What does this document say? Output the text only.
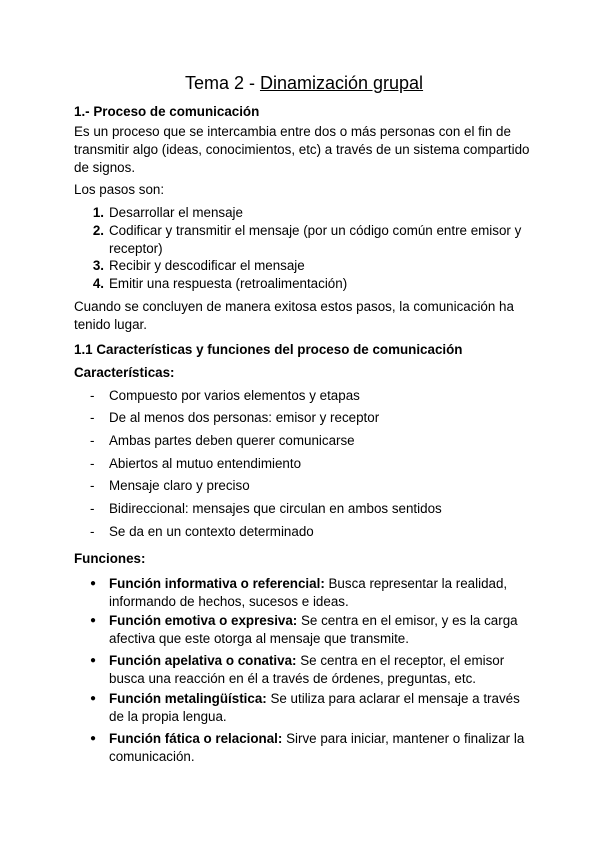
Tema 2 - Dinamización grupal
1.- Proceso de comunicación
Es un proceso que se intercambia entre dos o más personas con el fin de transmitir algo (ideas, conocimientos, etc) a través de un sistema compartido de signos.
Los pasos son:
1. Desarrollar el mensaje
2. Codificar y transmitir el mensaje (por un código común entre emisor y receptor)
3. Recibir y descodificar el mensaje
4. Emitir una respuesta (retroalimentación)
Cuando se concluyen de manera exitosa estos pasos, la comunicación ha tenido lugar.
1.1 Características y funciones del proceso de comunicación
Características:
-	Compuesto por varios elementos y etapas
-	De al menos dos personas: emisor y receptor
-	Ambas partes deben querer comunicarse
-	Abiertos al mutuo entendimiento
-	Mensaje claro y preciso
-	Bidireccional: mensajes que circulan en ambos sentidos
-	Se da en un contexto determinado
Funciones:
● Función informativa o referencial: Busca representar la realidad, informando de hechos, sucesos e ideas.
● Función emotiva o expresiva: Se centra en el emisor, y es la carga afectiva que este otorga al mensaje que transmite.
● Función apelativa o conativa: Se centra en el receptor, el emisor busca una reacción en él a través de órdenes, preguntas, etc.
● Función metalingüística: Se utiliza para aclarar el mensaje a través de la propia lengua.
● Función fática o relacional: Sirve para iniciar, mantener o finalizar la comunicación.
